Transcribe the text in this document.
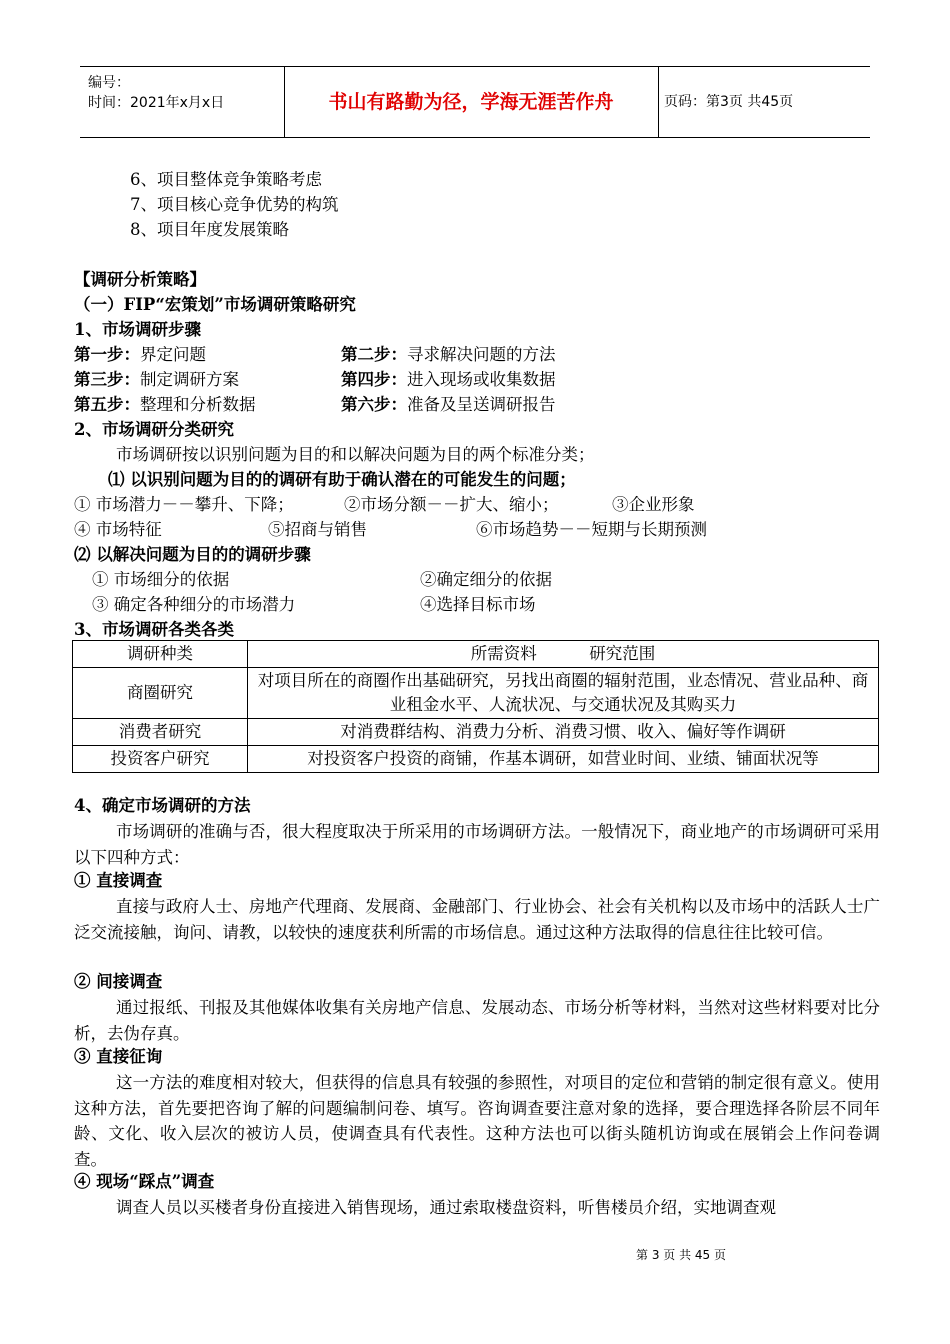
编号：
时间：2021年x月x日	书山有路勤为径，学海无涯苦作舟	页码：第3页 共45页
6、项目整体竞争策略考虑
7、项目核心竞争优势的构筑
8、项目年度发展策略
【调研分析策略】
（一）FIP“宏策划”市场调研策略研究
1、市场调研步骤
第一步：界定问题	第二步：寻求解决问题的方法
第三步：制定调研方案	第四步：进入现场或收集数据
第五步：整理和分析数据	第六步：准备及呈送调研报告
2、市场调研分类研究
市场调研按以识别问题为目的和以解决问题为目的两个标准分类；
⑴ 以识别问题为目的的调研有助于确认潜在的可能发生的问题；
① 市场潜力－－攀升、下降；	②市场分额－－扩大、缩小；	③企业形象
④ 市场特征	⑤招商与销售	⑥市场趋势－－短期与长期预测
⑵ 以解决问题为目的的调研步骤
① 市场细分的依据	②确定细分的依据
③ 确定各种细分的市场潜力	④选择目标市场
3、市场调研各类各类
调研种类	所需资料          研究范围
商圈研究	对项目所在的商圈作出基础研究，另找出商圈的辐射范围，业态情况、营业品种、商业租金水平、人流状况、与交通状况及其购买力
消费者研究	对消费群结构、消费力分析、消费习惯、收入、偏好等作调研
投资客户研究	对投资客户投资的商铺，作基本调研，如营业时间、业绩、铺面状况等
4、确定市场调研的方法
市场调研的准确与否，很大程度取决于所采用的市场调研方法。一般情况下，商业地产的市场调研可采用以下四种方式：
① 直接调查
直接与政府人士、房地产代理商、发展商、金融部门、行业协会、社会有关机构以及市场中的活跃人士广泛交流接触，询问、请教，以较快的速度获利所需的市场信息。通过这种方法取得的信息往往比较可信。
② 间接调查
通过报纸、刊报及其他媒体收集有关房地产信息、发展动态、市场分析等材料，当然对这些材料要对比分析，去伪存真。
③ 直接征询
这一方法的难度相对较大，但获得的信息具有较强的参照性，对项目的定位和营销的制定很有意义。使用这种方法，首先要把咨询了解的问题编制问卷、填写。咨询调查要注意对象的选择，要合理选择各阶层不同年龄、文化、收入层次的被访人员，使调查具有代表性。这种方法也可以街头随机访询或在展销会上作问卷调查。
④ 现场“踩点”调查
调查人员以买楼者身份直接进入销售现场，通过索取楼盘资料，听售楼员介绍，实地调查观
第 3 页 共 45 页
